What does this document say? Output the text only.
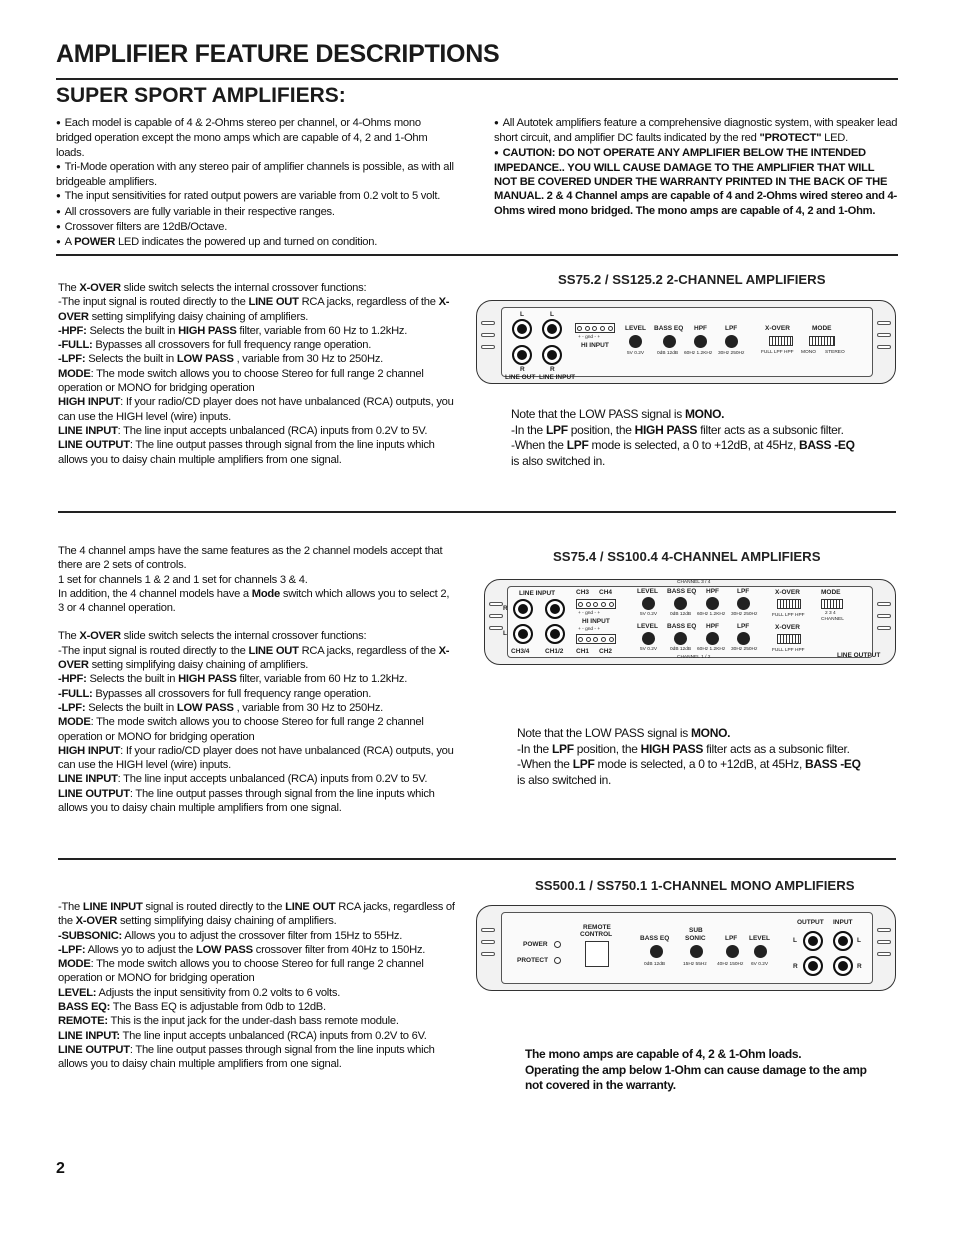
AMPLIFIER FEATURE DESCRIPTIONS
SUPER SPORT AMPLIFIERS:
● Each model is capable of 4 & 2-Ohms stereo per channel, or 4-Ohms mono bridged operation except the mono amps which are capable of 4, 2 and 1-Ohm loads.
● Tri-Mode operation with any stereo pair of amplifier channels is possible, as with all bridgeable amplifiers.
● The input sensitivities for rated output powers are variable from 0.2 volt to 5 volt.
● All crossovers are fully variable in their respective ranges.
● Crossover filters are 12dB/Octave.
● A POWER LED indicates the powered up and turned on condition.
● All Autotek amplifiers feature a comprehensive diagnostic system, with speaker lead short circuit, and amplifier DC faults indicated by the red "PROTECT" LED.
● CAUTION: DO NOT OPERATE ANY AMPLIFIER BELOW THE INTENDED IMPEDANCE.. YOU WILL CAUSE DAMAGE TO THE AMPLIFIER THAT WILL NOT BE COVERED UNDER THE WARRANTY PRINTED IN THE BACK OF THE MANUAL. 2 & 4 Channel amps are capable of 4 and 2-Ohms wired stereo and 4-Ohms wired mono bridged. The mono amps are capable of 4, 2 and 1-Ohm.
The X-OVER slide switch selects the internal crossover functions:
-The input signal is routed directly to the LINE OUT RCA jacks, regardless of the X-OVER setting simplifying daisy chaining of amplifiers.
-HPF: Selects the built in HIGH PASS filter, variable from 60 Hz to 1.2kHz.
-FULL: Bypasses all crossovers for full frequency range operation.
-LPF: Selects the built in LOW PASS , variable from 30 Hz to 250Hz.
MODE: The mode switch allows you to choose Stereo for full range 2 channel operation or MONO for bridging operation
HIGH INPUT: If your radio/CD player does not have unbalanced (RCA) outputs, you can use the HIGH level (wire) inputs.
LINE INPUT: The line input accepts unbalanced (RCA) inputs from 0.2V to 5V.
LINE OUTPUT: The line output passes through signal from the line inputs which allows you to daisy chain multiple amplifiers from one signal.
SS75.2 / SS125.2 2-CHANNEL AMPLIFIERS
L	L
R	R
LINE OUT LINE INPUT
+ - gnd - +
HI INPUT
LEVEL
5V 0.2V
BASS EQ
0dB 12dB
HPF
60Hz 1.2KHz
LPF
30Hz 250Hz
X-OVER
FULL LPF HPF
MODE
MONO STEREO
Note that the LOW PASS signal is MONO.
-In the LPF position, the HIGH PASS filter acts as a subsonic filter.
-When the LPF mode is selected, a 0 to +12dB, at 45Hz, BASS -EQ
is also switched in.
The 4 channel amps have the same features as the 2 channel models accept that there are 2 sets of controls.
1 set for channels 1 & 2 and 1 set for channels 3 & 4.
In addition, the 4 channel models have a Mode switch which allows you to select 2, 3 or 4 channel operation.
The X-OVER slide switch selects the internal crossover functions:
-The input signal is routed directly to the LINE OUT RCA jacks, regardless of the X-OVER setting simplifying daisy chaining of amplifiers.
-HPF: Selects the built in HIGH PASS filter, variable from 60 Hz to 1.2kHz.
-FULL: Bypasses all crossovers for full frequency range operation.
-LPF: Selects the built in LOW PASS , variable from 30 Hz to 250Hz.
MODE: The mode switch allows you to choose Stereo for full range 2 channel operation or MONO for bridging operation
HIGH INPUT: If your radio/CD player does not have unbalanced (RCA) outputs, you can use the HIGH level (wire) inputs.
LINE INPUT: The line input accepts unbalanced (RCA) inputs from 0.2V to 5V.
LINE OUTPUT: The line output passes through signal from the line inputs which allows you to daisy chain multiple amplifiers from one signal.
SS75.4 / SS100.4 4-CHANNEL AMPLIFIERS
LINE INPUT
R
L
CH3/4 CH1/2
CH3 CH4
+ - gnd - +
HI INPUT
+ - gnd - +
CH1 CH2
CHANNEL 3 / 4
LEVEL BASS EQ HPF	LPF
5V 0.2V	0dB 12dB 60Hz 1.2KHz 30Hz 250Hz
LEVEL BASS EQ HPF	LPF
5V 0.2V	0dB 12dB 60Hz 1.2KHz 30Hz 250Hz
CHANNEL 1 / 2
X-OVER
FULL LPF HPF
X-OVER
FULL LPF HPF
MODE
2 3 4
CHANNEL
LINE OUTPUT
Note that the LOW PASS signal is MONO.
-In the LPF position, the HIGH PASS filter acts as a subsonic filter.
-When the LPF mode is selected, a 0 to +12dB, at 45Hz, BASS -EQ
is also switched in.
-The LINE INPUT signal is routed directly to the LINE OUT RCA jacks, regardless of the X-OVER setting simplifying daisy chaining of amplifiers.
-SUBSONIC: Allows you to adjust the crossover filter from 15Hz to 55Hz.
-LPF: Allows yo to adjust the LOW PASS crossover filter from 40Hz to 150Hz.
MODE: The mode switch allows you to choose Stereo for full range 2 channel operation or MONO for bridging operation
LEVEL: Adjusts the input sensitivity from 0.2 volts to 6 volts.
BASS EQ: The Bass EQ is adjustable from 0db to 12dB.
REMOTE: This is the input jack for the under-dash bass remote module.
LINE INPUT: The line input accepts unbalanced (RCA) inputs from 0.2V to 6V.
LINE OUTPUT: The line output passes through signal from the line inputs which allows you to daisy chain multiple amplifiers from one signal.
SS500.1 / SS750.1 1-CHANNEL MONO AMPLIFIERS
POWER
PROTECT
REMOTE
CONTROL
BASS EQ
0dB 12dB
SUB
SONIC
15Hz 55Hz
LPF
40Hz 150Hz
LEVEL
6V 0.2V
OUTPUT INPUT
L	L
R	R
The mono amps are capable of 4, 2 & 1-Ohm loads.
Operating the amp below 1-Ohm can cause damage to the amp not covered in the warranty.
2
